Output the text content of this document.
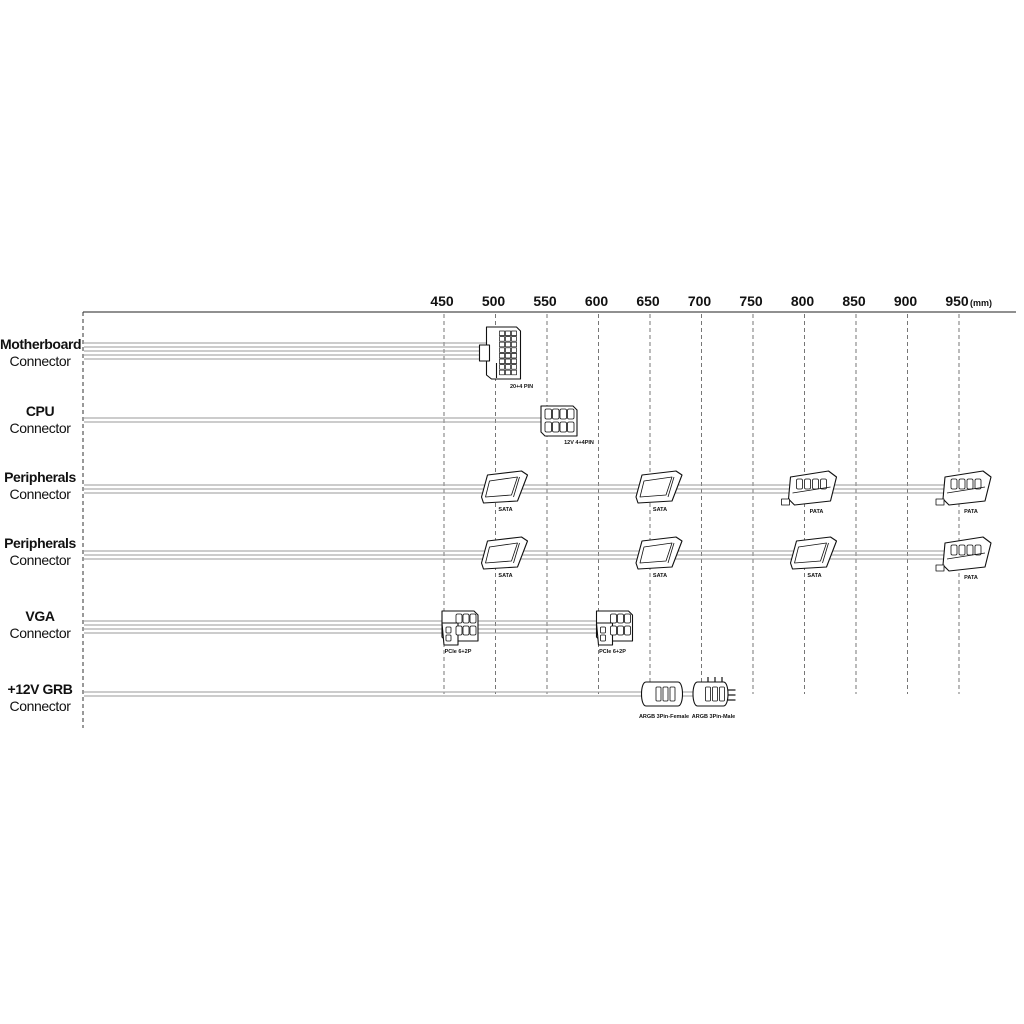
450 500 550 600 650 700 750 800 850 900 950 (mm)
20+4 PIN
12V 4+4PIN
SATA	SATA	PATA	PATA
SATA	SATA	SATA	PATA
PCIe 6+2P	PCIe 6+2P
ARGB 3Pin-Female ARGB 3Pin-Male
Motherboard
Connector
CPU
Connector
Peripherals
Connector
Peripherals
Connector
VGA
Connector
+12V GRB
Connector
